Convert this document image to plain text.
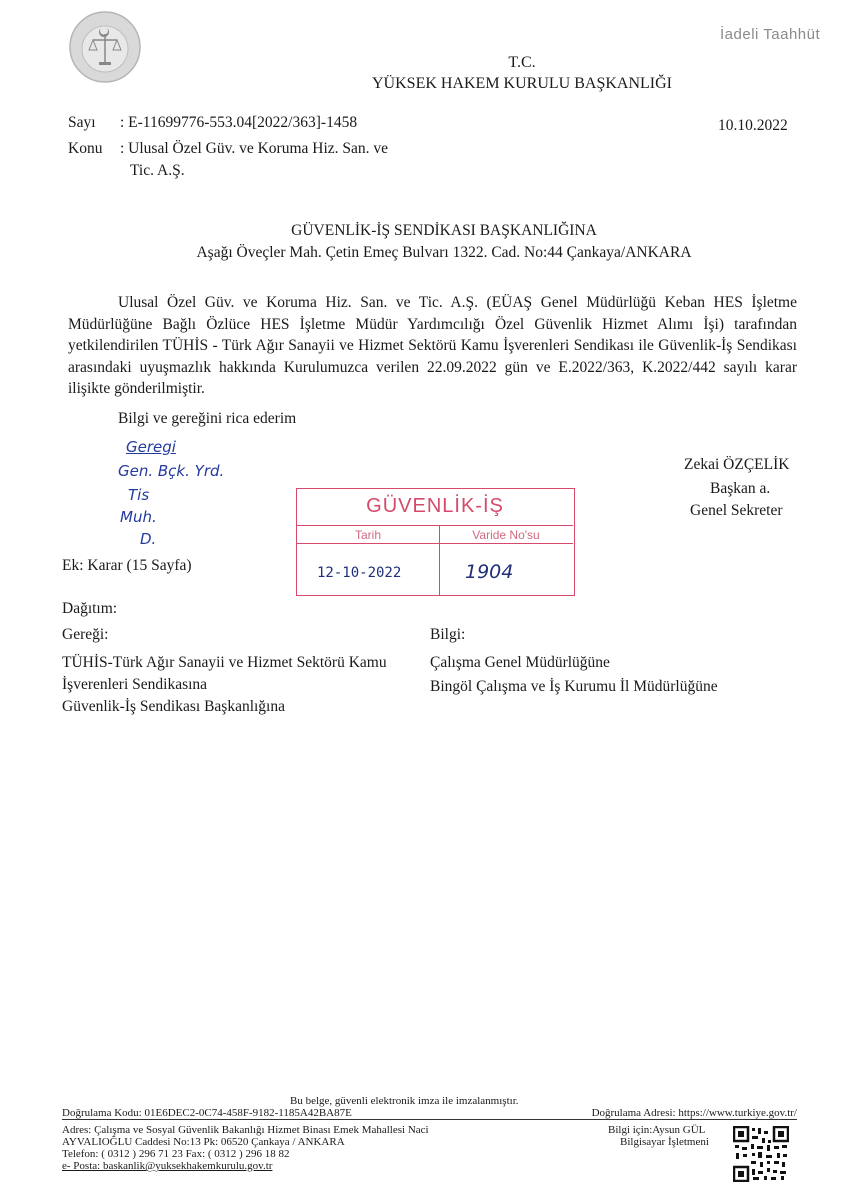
İadeli Taahhüt
T.C.
YÜKSEK HAKEM KURULU BAŞKANLIĞI
Sayı : E-11699776-553.04[2022/363]-1458	10.10.2022
Konu : Ulusal Özel Güv. ve Koruma Hiz. San. ve
Tic. A.Ş.
GÜVENLİK-İŞ SENDİKASI BAŞKANLIĞINA
Aşağı Öveçler Mah. Çetin Emeç Bulvarı 1322. Cad. No:44 Çankaya/ANKARA
Ulusal Özel Güv. ve Koruma Hiz. San. ve Tic. A.Ş. (EÜAŞ Genel Müdürlüğü Keban HES İşletme Müdürlüğüne Bağlı Özlüce HES İşletme Müdür Yardımcılığı Özel Güvenlik Hizmet Alımı İşi) tarafından yetkilendirilen TÜHİS - Türk Ağır Sanayii ve Hizmet Sektörü Kamu İşverenleri Sendikası ile Güvenlik-İş Sendikası arasındaki uyuşmazlık hakkında Kurulumuzca verilen 22.09.2022 gün ve E.2022/363, K.2022/442 sayılı karar ilişikte gönderilmiştir.
Bilgi ve gereğini rica ederim
Geregi
Gen. Bçk. Yrd.
Tis
Muh.
D.
Zekai ÖZÇELİK
Başkan a.
Genel Sekreter
GÜVENLİK-İŞ
Tarih	Varide No'su
12-10-2022	1904
Ek: Karar (15 Sayfa)
Dağıtım:
Gereği:
TÜHİS-Türk Ağır Sanayii ve Hizmet Sektörü Kamu
İşverenleri Sendikasına
Güvenlik-İş Sendikası Başkanlığına
Bilgi:
Çalışma Genel Müdürlüğüne
Bingöl Çalışma ve İş Kurumu İl Müdürlüğüne
Bu belge, güvenli elektronik imza ile imzalanmıştır.
Doğrulama Kodu: 01E6DEC2-0C74-458F-9182-1185A42BA87E	Doğrulama Adresi: https://www.turkiye.gov.tr/
Adres: Çalışma ve Sosyal Güvenlik Bakanlığı Hizmet Binası Emek Mahallesi Naci
AYVALIOĞLU Caddesi No:13 Pk: 06520 Çankaya / ANKARA
Telefon: ( 0312 ) 296 71 23 Fax: ( 0312 ) 296 18 82
e- Posta: baskanlik@yuksekhakemkurulu.gov.tr
Bilgi için:Aysun GÜL
Bilgisayar İşletmeni
